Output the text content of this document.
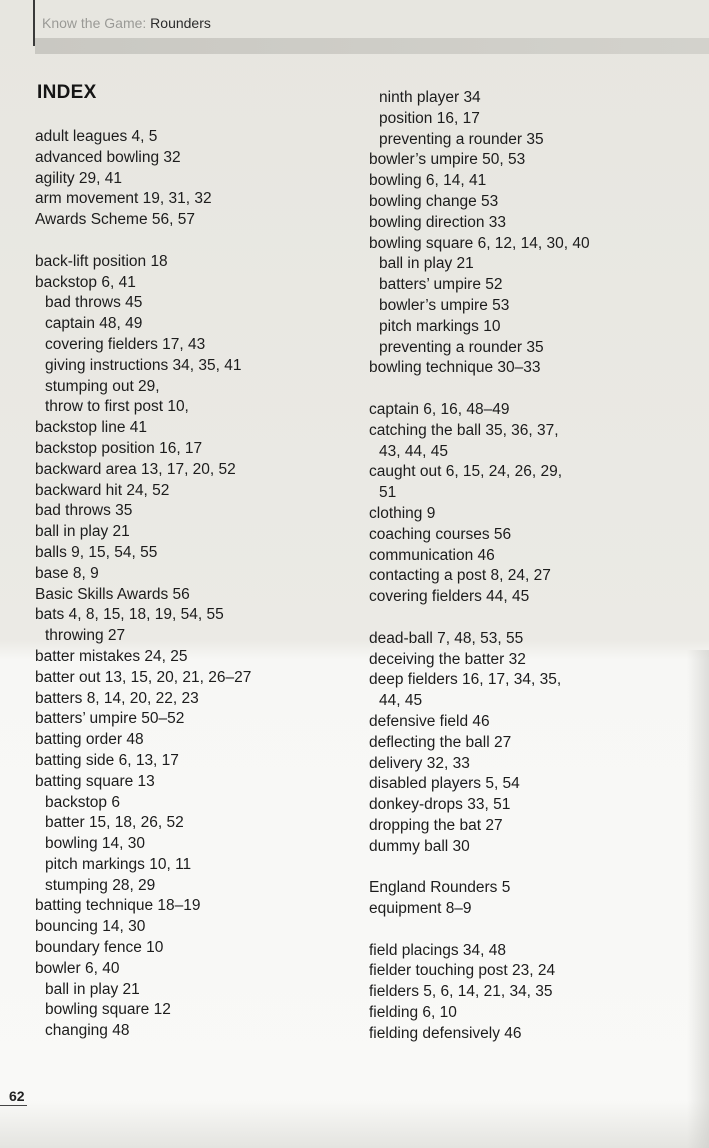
Know the Game: Rounders
INDEX
adult leagues 4, 5
advanced bowling 32
agility 29, 41
arm movement 19, 31, 32
Awards Scheme 56, 57
back-lift position 18
backstop 6, 41
bad throws 45
captain 48, 49
covering fielders 17, 43
giving instructions 34, 35, 41
stumping out 29,
throw to first post 10,
backstop line 41
backstop position 16, 17
backward area 13, 17, 20, 52
backward hit 24, 52
bad throws 35
ball in play 21
balls 9, 15, 54, 55
base 8, 9
Basic Skills Awards 56
bats 4, 8, 15, 18, 19, 54, 55
throwing 27
batter mistakes 24, 25
batter out 13, 15, 20, 21, 26–27
batters 8, 14, 20, 22, 23
batters’ umpire 50–52
batting order 48
batting side 6, 13, 17
batting square 13
backstop 6
batter 15, 18, 26, 52
bowling 14, 30
pitch markings 10, 11
stumping 28, 29
batting technique 18–19
bouncing 14, 30
boundary fence 10
bowler 6, 40
ball in play 21
bowling square 12
changing 48
ninth player 34
position 16, 17
preventing a rounder 35
bowler’s umpire 50, 53
bowling 6, 14, 41
bowling change 53
bowling direction 33
bowling square 6, 12, 14, 30, 40
ball in play 21
batters’ umpire 52
bowler’s umpire 53
pitch markings 10
preventing a rounder 35
bowling technique 30–33
captain 6, 16, 48–49
catching the ball 35, 36, 37,
43, 44, 45
caught out 6, 15, 24, 26, 29,
51
clothing 9
coaching courses 56
communication 46
contacting a post 8, 24, 27
covering fielders 44, 45
dead-ball 7, 48, 53, 55
deceiving the batter 32
deep fielders 16, 17, 34, 35,
44, 45
defensive field 46
deflecting the ball 27
delivery 32, 33
disabled players 5, 54
donkey-drops 33, 51
dropping the bat 27
dummy ball 30
England Rounders 5
equipment 8–9
field placings 34, 48
fielder touching post 23, 24
fielders 5, 6, 14, 21, 34, 35
fielding 6, 10
fielding defensively 46
62
